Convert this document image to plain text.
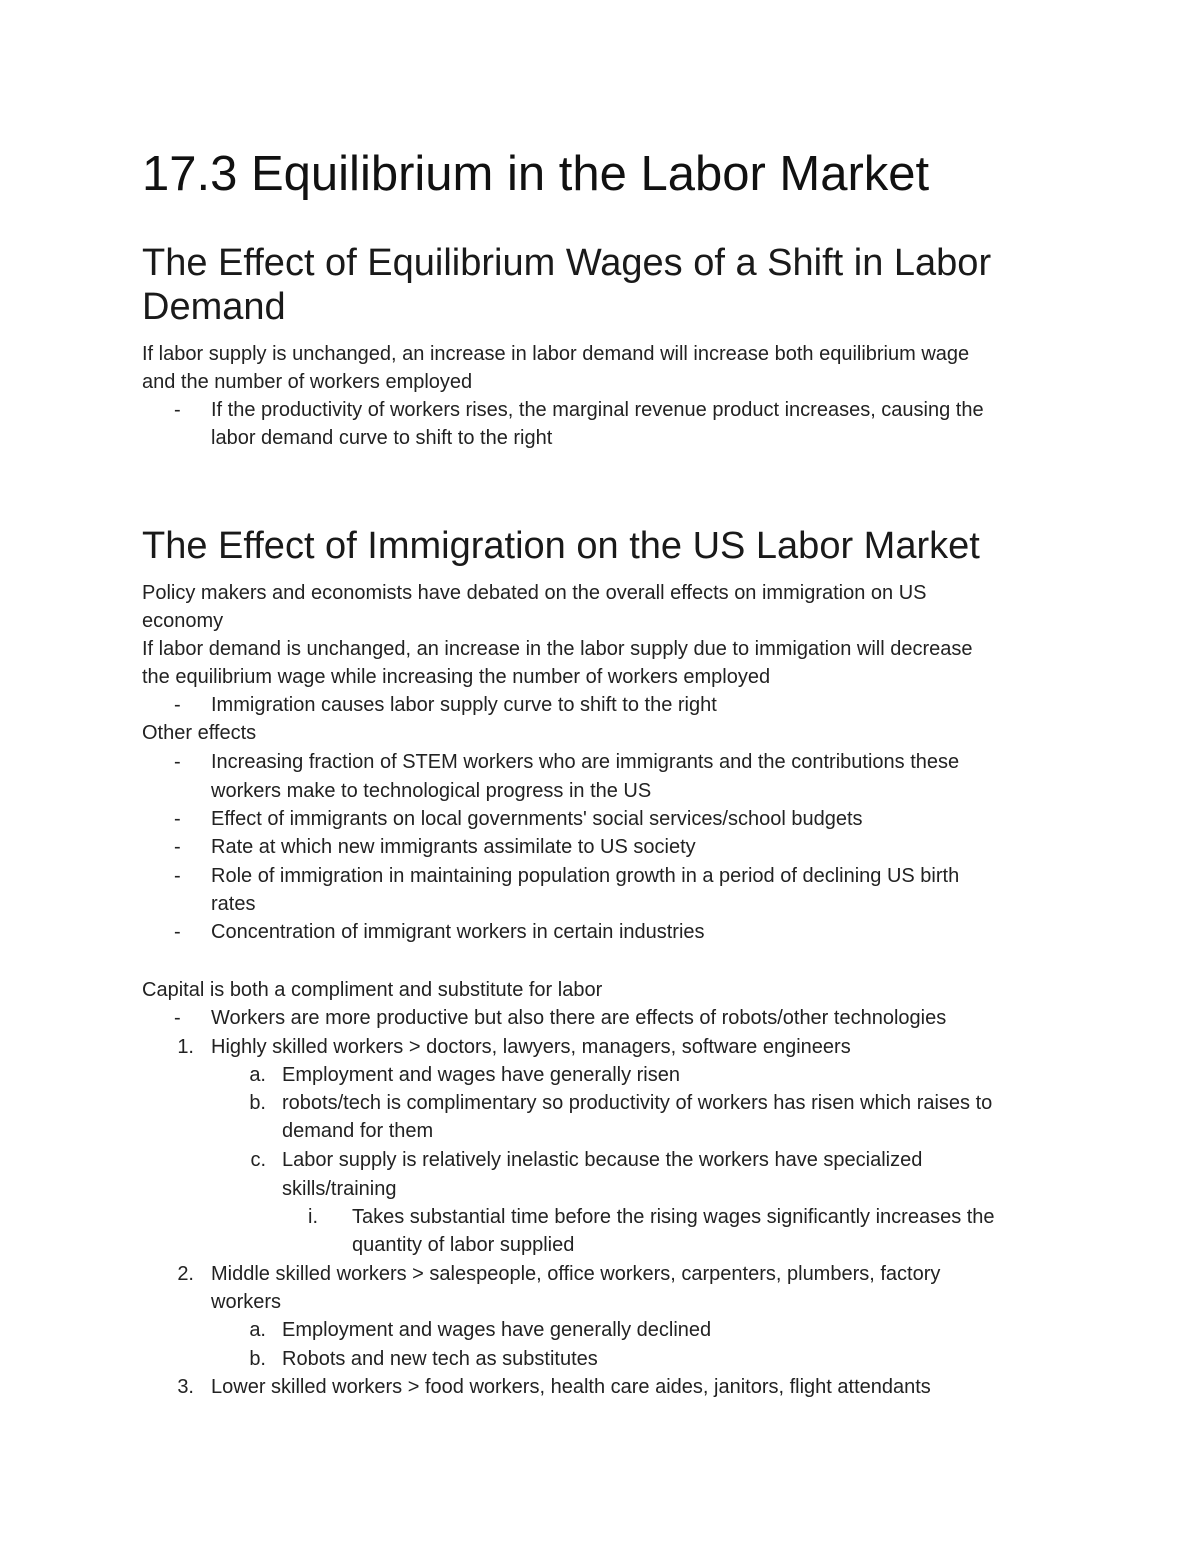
17.3 Equilibrium in the Labor Market
The Effect of Equilibrium Wages of a Shift in Labor
Demand
If labor supply is unchanged, an increase in labor demand will increase both equilibrium wage
and the number of workers employed
- If the productivity of workers rises, the marginal revenue product increases, causing the
labor demand curve to shift to the right
The Effect of Immigration on the US Labor Market
Policy makers and economists have debated on the overall effects on immigration on US
economy
If labor demand is unchanged, an increase in the labor supply due to immigation will decrease
the equilibrium wage while increasing the number of workers employed
- Immigration causes labor supply curve to shift to the right
Other effects
- Increasing fraction of STEM workers who are immigrants and the contributions these
workers make to technological progress in the US
- Effect of immigrants on local governments' social services/school budgets
- Rate at which new immigrants assimilate to US society
- Role of immigration in maintaining population growth in a period of declining US birth
rates
- Concentration of immigrant workers in certain industries
Capital is both a compliment and substitute for labor
- Workers are more productive but also there are effects of robots/other technologies
1. Highly skilled workers > doctors, lawyers, managers, software engineers
a. Employment and wages have generally risen
b. robots/tech is complimentary so productivity of workers has risen which raises to
demand for them
c. Labor supply is relatively inelastic because the workers have specialized
skills/training
i. Takes substantial time before the rising wages significantly increases the
quantity of labor supplied
2. Middle skilled workers > salespeople, office workers, carpenters, plumbers, factory
workers
a. Employment and wages have generally declined
b. Robots and new tech as substitutes
3. Lower skilled workers > food workers, health care aides, janitors, flight attendants
